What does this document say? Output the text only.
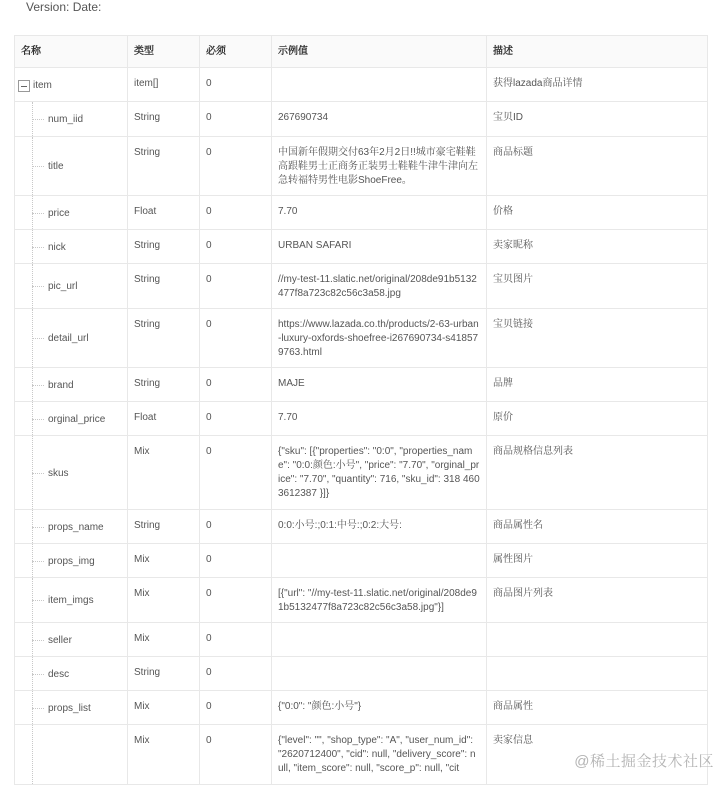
Version: Date:

名称	类型	必须	示例值	描述

item	item[]	0		获得lazada商品详情

num_iid	String	0	267690734	宝贝ID

title	String	0	中国新年假期交付63年2月2日!!城市豪宅鞋鞋高跟鞋男士正商务正装男士鞋鞋牛津牛津向左急转福特男性电影ShoeFree。	商品标题

price	Float	0	7.70	价格

nick	String	0	URBAN SAFARI	卖家昵称

pic_url	String	0	//my-test-11.slatic.net/original/208de91b5132477f8a723c82c56c3a58.jpg	宝贝图片

detail_url	String	0	https://www.lazada.co.th/products/2-63-urban-luxury-oxfords-shoefree-i267690734-s418579763.html	宝贝链接

brand	String	0	MAJE	品牌

orginal_price	Float	0	7.70	原价

skus	Mix	0	{"sku": [{"properties": "0:0", "properties_name": "0:0:颜色:小号", "price": "7.70", "orginal_price": "7.70", "quantity": 716, "sku_id": 318 4603612387 }]}	商品规格信息列表

props_name	String	0	0:0:小号:;0:1:中号:;0:2:大号:	商品属性名

props_img	Mix	0		属性图片

item_imgs	Mix	0	[{"url": "//my-test-11.slatic.net/original/208de91b5132477f8a723c82c56c3a58.jpg"}]	商品图片列表

seller	Mix	0		

desc	String	0		

props_list	Mix	0	{"0:0": "颜色:小号"}	商品属性

	Mix	0	{"level": "", "shop_type": "A", "user_num_id": "2620712400", "cid": null, "delivery_score": null, "item_score": null, "score_p": null, "cit	卖家信息
@稀土掘金技术社区
